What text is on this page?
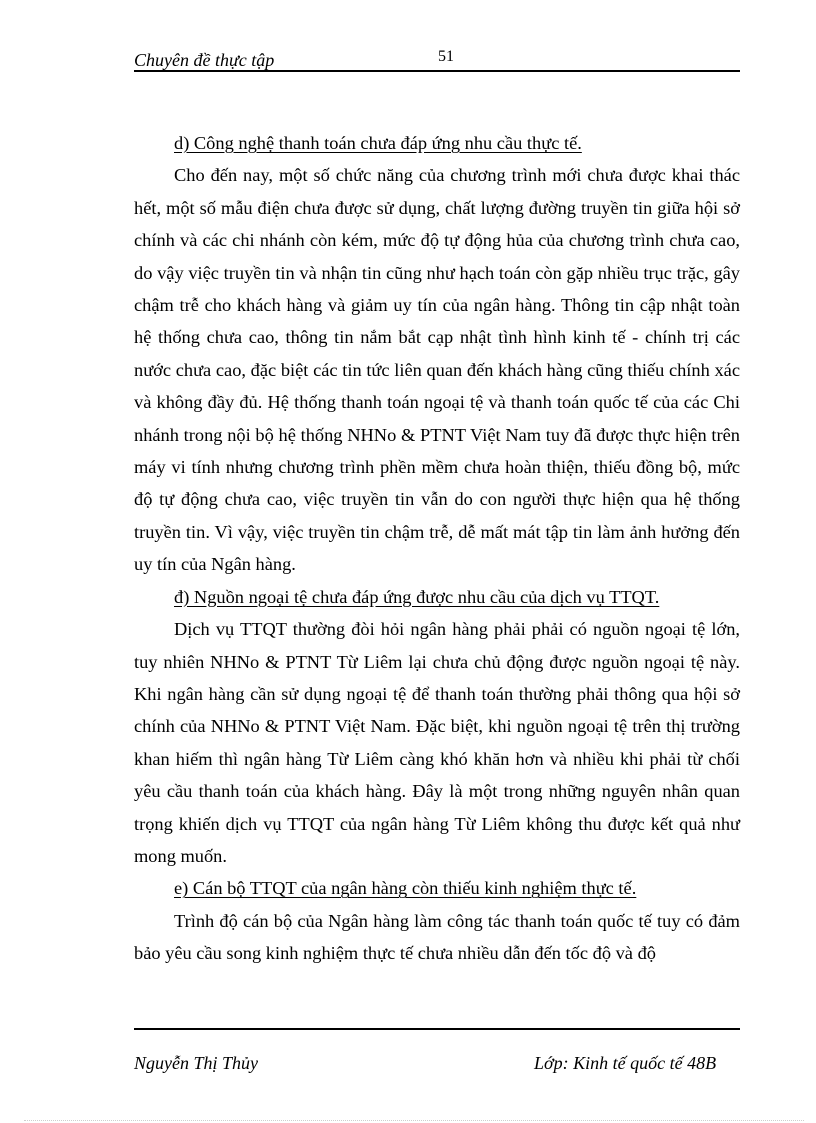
Chuyên đề thực tập	51

d) Công nghệ thanh toán chưa đáp ứng nhu cầu thực tế.

Cho đến nay, một số chức năng của chương trình mới chưa được khai thác hết, một số mẫu điện chưa được sử dụng, chất lượng đường truyền tin giữa hội sở chính và các chi nhánh còn kém, mức độ tự động hủa của chương trình chưa cao, do vậy việc truyền tin và nhận tin cũng như hạch toán còn gặp nhiều trục trặc, gây chậm trễ cho khách hàng và giảm uy tín của ngân hàng. Thông tin cập nhật toàn hệ thống chưa cao, thông tin nắm bắt cạp nhật tình hình kinh tế - chính trị các nước chưa cao, đặc biệt các tin tức liên quan đến khách hàng cũng thiếu chính xác và không đầy đủ. Hệ thống thanh toán ngoại tệ và thanh toán quốc tế của các Chi nhánh trong nội bộ hệ thống NHNo & PTNT Việt Nam tuy đã được thực hiện trên máy vi tính nhưng chương trình phền mềm chưa hoàn thiện, thiếu đồng bộ, mức độ tự động chưa cao, việc truyền tin vẫn do con người thực hiện qua hệ thống truyền tin. Vì vậy, việc truyền tin chậm trễ, dễ mất mát tập tin làm ảnh hưởng đến uy tín của Ngân hàng.

đ) Nguồn ngoại tệ chưa đáp ứng được nhu cầu của dịch vụ TTQT.

Dịch vụ TTQT thường đòi hỏi ngân hàng phải phải có nguồn ngoại tệ lớn, tuy nhiên NHNo & PTNT Từ Liêm lại chưa chủ động được nguồn ngoại tệ này. Khi ngân hàng cần sử dụng ngoại tệ để thanh toán thường phải thông qua hội sở chính của NHNo & PTNT Việt Nam. Đặc biệt, khi nguồn ngoại tệ trên thị trường khan hiếm thì ngân hàng Từ Liêm càng khó khăn hơn và nhiều khi phải từ chối yêu cầu thanh toán của khách hàng. Đây là một trong những nguyên nhân quan trọng khiến dịch vụ TTQT của ngân hàng Từ Liêm không thu được kết quả như mong muốn.

e) Cán bộ TTQT của ngân hàng còn thiếu kinh nghiệm thực tế.

Trình độ cán bộ của Ngân hàng làm công tác thanh toán quốc tế tuy có đảm bảo yêu cầu song kinh nghiệm thực tế chưa nhiều dẫn đến tốc độ và độ

Nguyễn Thị Thủy	Lớp: Kinh tế quốc tế 48B
